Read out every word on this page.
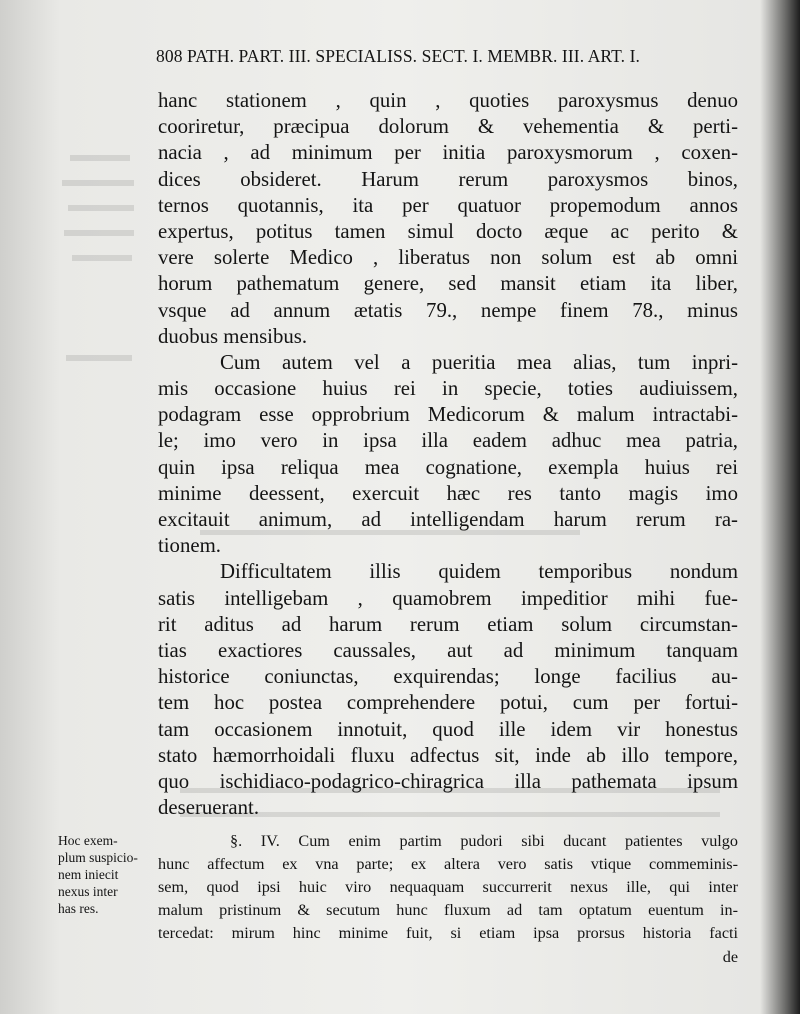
808 PATH. PART. III. SPECIALISS. SECT. I. MEMBR. III. ART. I.
hanc stationem , quin , quoties paroxysmus denuo
cooriretur, præcipua dolorum & vehementia & perti-
nacia , ad minimum per initia paroxysmorum , coxen-
dices obsideret. Harum rerum paroxysmos binos,
ternos quotannis, ita per quatuor propemodum annos
expertus, potitus tamen simul docto æque ac perito &
vere solerte Medico , liberatus non solum est ab omni
horum pathematum genere, sed mansit etiam ita liber,
vsque ad annum ætatis 79., nempe finem 78., minus
duobus mensibus.
Cum autem vel a pueritia mea alias, tum inpri-
mis occasione huius rei in specie, toties audiuissem,
podagram esse opprobrium Medicorum & malum intractabi-
le; imo vero in ipsa illa eadem adhuc mea patria,
quin ipsa reliqua mea cognatione, exempla huius rei
minime deessent, exercuit hæc res tanto magis imo
excitauit animum, ad intelligendam harum rerum ra-
tionem.
Difficultatem illis quidem temporibus nondum
satis intelligebam , quamobrem impeditior mihi fue-
rit aditus ad harum rerum etiam solum circumstan-
tias exactiores caussales, aut ad minimum tanquam
historice coniunctas, exquirendas; longe facilius au-
tem hoc postea comprehendere potui, cum per fortui-
tam occasionem innotuit, quod ille idem vir honestus
stato hæmorrhoidali fluxu adfectus sit, inde ab illo tempore,
quo ischidiaco-podagrico-chiragrica illa pathemata ipsum
deseruerant.
Hoc exem-
plum suspicio-
nem iniecit
nexus inter
has res.
§. IV. Cum enim partim pudori sibi ducant patientes vulgo
hunc affectum ex vna parte; ex altera vero satis vtique commeminis-
sem, quod ipsi huic viro nequaquam succurrerit nexus ille, qui inter
malum pristinum & secutum hunc fluxum ad tam optatum euentum in-
tercedat: mirum hinc minime fuit, si etiam ipsa prorsus historia facti
de
